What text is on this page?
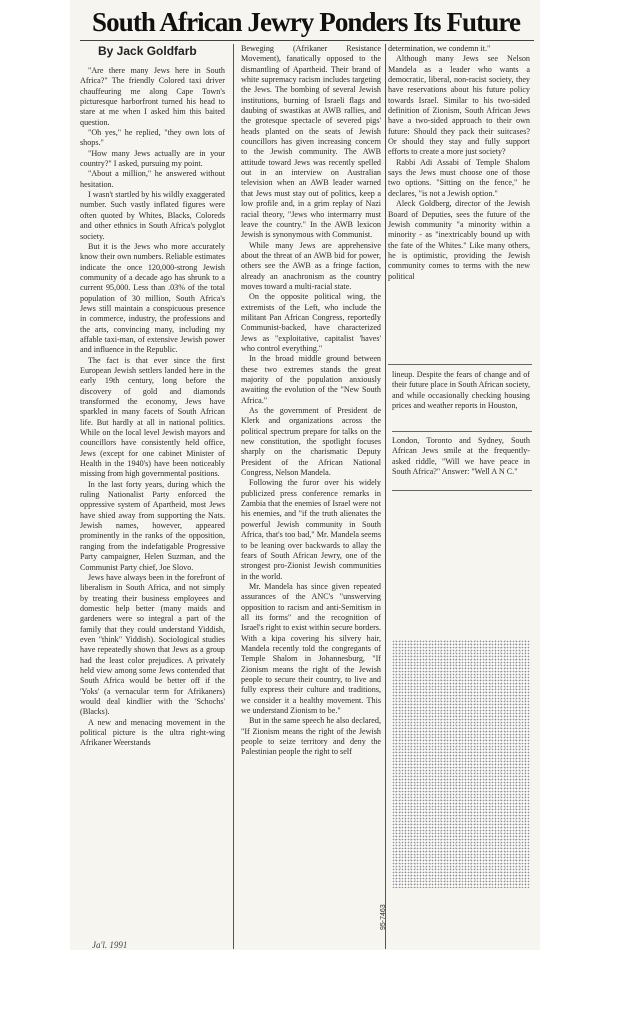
South African Jewry Ponders Its Future
By Jack Goldfarb

"Are there many Jews here in South Africa?" The friendly Colored taxi driver chauffeuring me along Cape Town's picturesque harborfront turned his head to stare at me when I asked him this baited question.

"Oh yes," he replied, "they own lots of shops."

"How many Jews actually are in your country?" I asked, pursuing my point.

"About a million," he answered without hesitation.

I wasn't startled by his wildly exaggerated number. Such vastly inflated figures were often quoted by Whites, Blacks, Coloreds and other ethnics in South Africa's polyglot society.

But it is the Jews who more accurately know their own numbers. Reliable estimates indicate the once 120,000-strong Jewish community of a decade ago has shrunk to a current 95,000. Less than .03% of the total population of 30 million, South Africa's Jews still maintain a conspicuous presence in commerce, industry, the professions and the arts, convincing many, including my affable taxi-man, of extensive Jewish power and influence in the Republic.

The fact is that ever since the first European Jewish settlers landed here in the early 19th century, long before the discovery of gold and diamonds transformed the economy, Jews have sparkled in many facets of South African life. But hardly at all in national politics. While on the local level Jewish mayors and councillors have consistently held office, Jews (except for one cabinet Minister of Health in the 1940's) have been noticeably missing from high governmental positions.

In the last forty years, during which the ruling Nationalist Party enforced the oppressive system of Apartheid, most Jews have shied away from supporting the Nats. Jewish names, however, appeared prominently in the ranks of the opposition, ranging from the indefatigable Progressive Party campaigner, Helen Suzman, and the Communist Party chief, Joe Slovo.

Jews have always been in the forefront of liberalism in South Africa, and not simply by treating their business employees and domestic help better (many maids and gardeners were so integral a part of the family that they could understand Yiddish, even "think" Yiddish). Sociological studies have repeatedly shown that Jews as a group had the least color prejudices. A privately held view among some Jews contended that South Africa would be better off if the 'Yoks' (a vernacular term for Afrikaners) would deal kindlier with the 'Schochs' (Blacks).

A new and menacing movement in the political picture is the ultra right-wing Afrikaner Weerstands

Beweging (Afrikaner Resistance Movement), fanatically opposed to the dismantling of Apartheid. Their brand of white supremacy racism includes targeting the Jews. The bombing of several Jewish institutions, burning of Israeli flags and daubing of swastikas at AWB rallies, and the grotesque spectacle of severed pigs' heads planted on the seats of Jewish councillors has given increasing concern to the Jewish community. The AWB attitude toward Jews was recently spelled out in an interview on Australian television when an AWB leader warned that Jews must stay out of politics, keep a low profile and, in a grim replay of Nazi racial theory, "Jews who intermarry must leave the country." In the AWB lexicon Jewish is synonymous with Communist.

While many Jews are apprehensive about the threat of an AWB bid for power, others see the AWB as a fringe faction, already an anachronism as the country moves toward a multi-racial state.

On the opposite political wing, the extremists of the Left, who include the militant Pan African Congress, reportedly Communist-backed, have characterized Jews as "exploitative, capitalist 'haves' who control everything."

In the broad middle ground between these two extremes stands the great majority of the population anxiously awaiting the evolution of the "New South Africa."

As the government of President de Klerk and organizations across the political spectrum prepare for talks on the new constitution, the spotlight focuses sharply on the charismatic Deputy President of the African National Congress, Nelson Mandela.

Following the furor over his widely publicized press conference remarks in Zambia that the enemies of Israel were not his enemies, and "if the truth alienates the powerful Jewish community in South Africa, that's too bad," Mr. Mandela seems to be leaning over backwards to allay the fears of South African Jewry, one of the strongest pro-Zionist Jewish communities in the world.

Mr. Mandela has since given repeated assurances of the ANC's "unswerving opposition to racism and anti-Semitism in all its forms" and the recognition of Israel's right to exist within secure borders. With a kipa covering his silvery hair, Mandela recently told the congregants of Temple Shalom in Johannesburg, "If Zionism means the right of the Jewish people to secure their country, to live and fully express their culture and traditions, we consider it a healthy movement. This we understand Zionism to be."

But in the same speech he also declared, "If Zionism means the right of the Jewish people to seize territory and deny the Palestinian people the right to self

determination, we condemn it."

Although many Jews see Nelson Mandela as a leader who wants a democratic, liberal, non-racist society, they have reservations about his future policy towards Israel. Similar to his two-sided definition of Zionism, South African Jews have a two-sided approach to their own future: Should they pack their suitcases? Or should they stay and fully support efforts to create a more just society?

Rabbi Adi Assabi of Temple Shalom says the Jews must choose one of those two options. "Sitting on the fence," he declares, "is not a Jewish option."

Aleck Goldberg, director of the Jewish Board of Deputies, sees the future of the Jewish community "a minority within a minority - as "inextricably bound up with the fate of the Whites." Like many others, he is optimistic, providing the Jewish community comes to terms with the new political

lineup. Despite the fears of change and of their future place in South African society, and while occasionally checking housing prices and weather reports in Houston,

London, Toronto and Sydney, South African Jews smile at the frequently-asked riddle, "Will we have peace in South Africa?" Answer: "Well A N C."

95-7463
Ja'l. 1991
